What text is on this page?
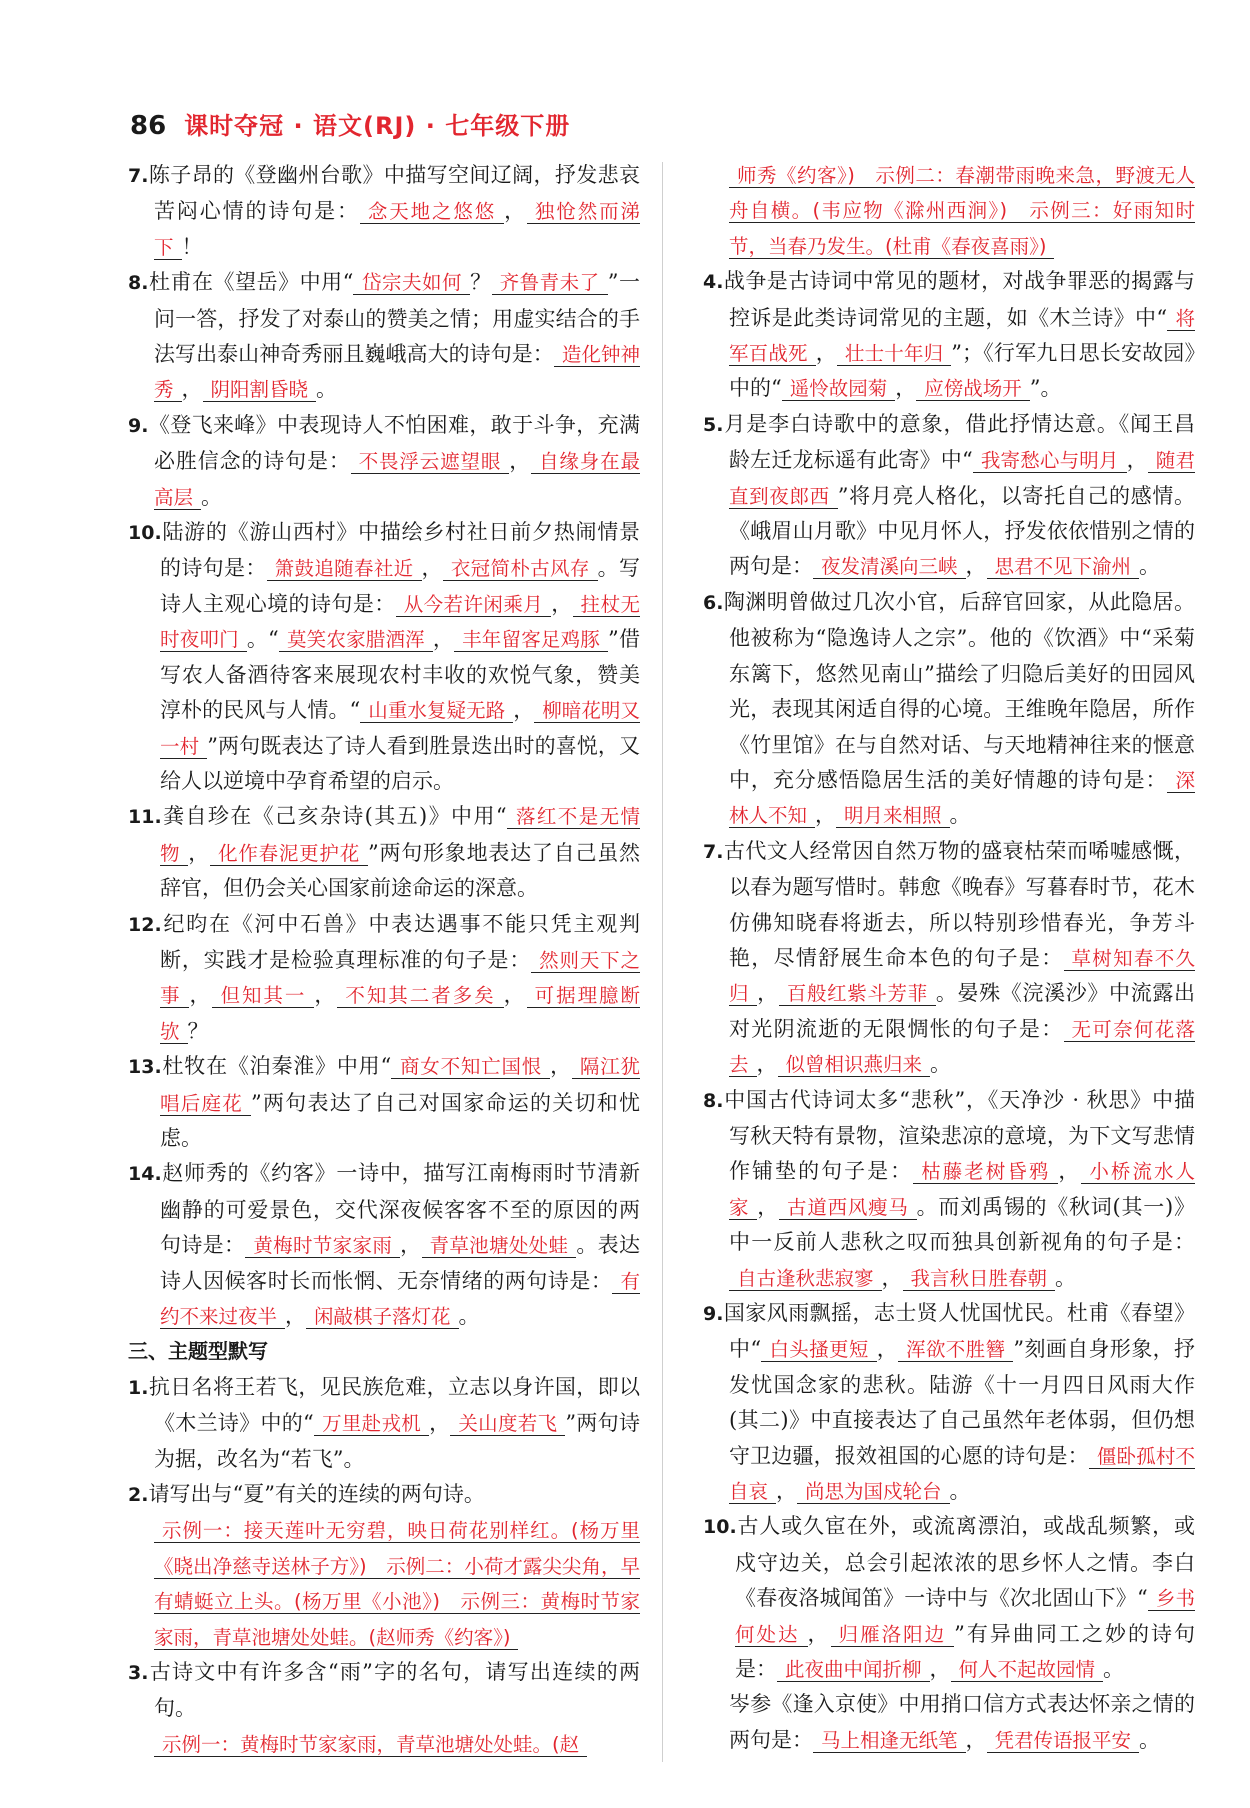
86 课时夺冠 · 语文(RJ) · 七年级下册
7.陈子昂的《登幽州台歌》中描写空间辽阔，抒发悲哀苦闷心情的诗句是： 念天地之悠悠 ， 独怆然而涕下 ！
8.杜甫在《望岳》中用“ 岱宗夫如何 ？ 齐鲁青未了 ”一问一答，抒发了对泰山的赞美之情；用虚实结合的手法写出泰山神奇秀丽且巍峨高大的诗句是： 造化钟神秀 ， 阴阳割昏晓 。
9.《登飞来峰》中表现诗人不怕困难，敢于斗争，充满必胜信念的诗句是： 不畏浮云遮望眼 ， 自缘身在最高层 。
10.陆游的《游山西村》中描绘乡村社日前夕热闹情景的诗句是： 箫鼓追随春社近 ， 衣冠简朴古风存 。写诗人主观心境的诗句是： 从今若许闲乘月 ， 拄杖无时夜叩门 。“ 莫笑农家腊酒浑 ， 丰年留客足鸡豚 ”借写农人备酒待客来展现农村丰收的欢悦气象，赞美淳朴的民风与人情。“ 山重水复疑无路 ， 柳暗花明又一村 ”两句既表达了诗人看到胜景迭出时的喜悦，又给人以逆境中孕育希望的启示。
11.龚自珍在《己亥杂诗(其五)》中用“ 落红不是无情物 ， 化作春泥更护花 ”两句形象地表达了自己虽然辞官，但仍会关心国家前途命运的深意。
12.纪昀在《河中石兽》中表达遇事不能只凭主观判断，实践才是检验真理标准的句子是： 然则天下之事 ， 但知其一 ， 不知其二者多矣 ， 可据理臆断欤 ？
13.杜牧在《泊秦淮》中用“ 商女不知亡国恨 ， 隔江犹唱后庭花 ”两句表达了自己对国家命运的关切和忧虑。
14.赵师秀的《约客》一诗中，描写江南梅雨时节清新幽静的可爱景色，交代深夜候客客不至的原因的两句诗是： 黄梅时节家家雨 ， 青草池塘处处蛙 。表达诗人因候客时长而怅惘、无奈情绪的两句诗是： 有约不来过夜半 ， 闲敲棋子落灯花 。
三、主题型默写
1.抗日名将王若飞，见民族危难，立志以身许国，即以《木兰诗》中的“ 万里赴戎机 ， 关山度若飞 ”两句诗为据，改名为“若飞”。
2.请写出与“夏”有关的连续的两句诗。
示例一：接天莲叶无穷碧，映日荷花别样红。(杨万里《晓出净慈寺送林子方》)　示例二：小荷才露尖尖角，早有蜻蜓立上头。(杨万里《小池》)　示例三：黄梅时节家家雨，青草池塘处处蛙。(赵师秀《约客》)
3.古诗文中有许多含“雨”字的名句，请写出连续的两句。
示例一：黄梅时节家家雨，青草池塘处处蛙。(赵
师秀《约客》)　示例二：春潮带雨晚来急，野渡无人舟自横。(韦应物《滁州西涧》)　示例三：好雨知时节，当春乃发生。(杜甫《春夜喜雨》)
4.战争是古诗词中常见的题材，对战争罪恶的揭露与控诉是此类诗词常见的主题，如《木兰诗》中“ 将军百战死 ， 壮士十年归 ”；《行军九日思长安故园》中的“ 遥怜故园菊 ， 应傍战场开 ”。
5.月是李白诗歌中的意象，借此抒情达意。《闻王昌龄左迁龙标遥有此寄》中“ 我寄愁心与明月 ， 随君直到夜郎西 ”将月亮人格化，以寄托自己的感情。《峨眉山月歌》中见月怀人，抒发依依惜别之情的两句是： 夜发清溪向三峡 ， 思君不见下渝州 。
6.陶渊明曾做过几次小官，后辞官回家，从此隐居。他被称为“隐逸诗人之宗”。他的《饮酒》中“采菊东篱下，悠然见南山”描绘了归隐后美好的田园风光，表现其闲适自得的心境。王维晚年隐居，所作《竹里馆》在与自然对话、与天地精神往来的惬意中，充分感悟隐居生活的美好情趣的诗句是： 深林人不知 ， 明月来相照 。
7.古代文人经常因自然万物的盛衰枯荣而唏嘘感慨，以春为题写惜时。韩愈《晚春》写暮春时节，花木仿佛知晓春将逝去，所以特别珍惜春光，争芳斗艳，尽情舒展生命本色的句子是： 草树知春不久归 ， 百般红紫斗芳菲 。晏殊《浣溪沙》中流露出对光阴流逝的无限惆怅的句子是： 无可奈何花落去 ， 似曾相识燕归来 。
8.中国古代诗词太多“悲秋”，《天净沙 · 秋思》中描写秋天特有景物，渲染悲凉的意境，为下文写悲情作铺垫的句子是： 枯藤老树昏鸦 ， 小桥流水人家 ， 古道西风瘦马 。而刘禹锡的《秋词(其一)》中一反前人悲秋之叹而独具创新视角的句子是：自古逢秋悲寂寥 ， 我言秋日胜春朝 。
9.国家风雨飘摇，志士贤人忧国忧民。杜甫《春望》中“ 白头搔更短 ， 浑欲不胜簪 ”刻画自身形象，抒发忧国念家的悲秋。陆游《十一月四日风雨大作(其二)》中直接表达了自己虽然年老体弱，但仍想守卫边疆，报效祖国的心愿的诗句是： 僵卧孤村不自哀 ， 尚思为国戍轮台 。
10.古人或久宦在外，或流离漂泊，或战乱频繁，或戍守边关，总会引起浓浓的思乡怀人之情。李白《春夜洛城闻笛》一诗中与《次北固山下》“ 乡书何处达 ， 归雁洛阳边 ”有异曲同工之妙的诗句是： 此夜曲中闻折柳 ， 何人不起故园情 。
岑参《逢入京使》中用捎口信方式表达怀亲之情的两句是： 马上相逢无纸笔 ， 凭君传语报平安 。
